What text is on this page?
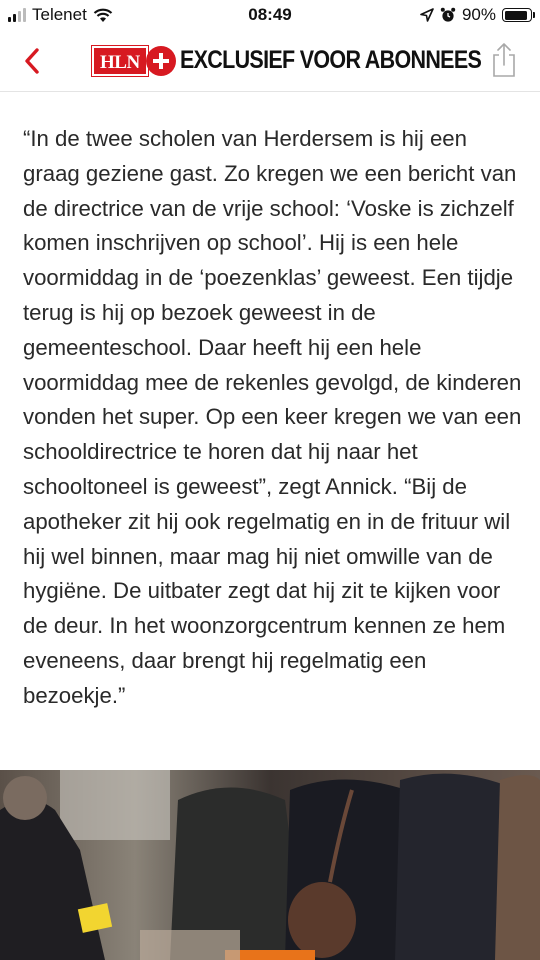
Telenet	08:49	90%
HLN	EXCLUSIEF VOOR ABONNEES

“In de twee scholen van Herdersem is hij een graag geziene gast. Zo kregen we een bericht van de directrice van de vrije school: ‘Voske is zichzelf komen inschrijven op school’. Hij is een hele voormiddag in de ‘poezenklas’ geweest. Een tijdje terug is hij op bezoek geweest in de gemeenteschool. Daar heeft hij een hele voormiddag mee de rekenles gevolgd, de kinderen vonden het super. Op een keer kregen we van een schooldirectrice te horen dat hij naar het schooltoneel is geweest”, zegt Annick. “Bij de apotheker zit hij ook regelmatig en in de frituur wil hij wel binnen, maar mag hij niet omwille van de hygiëne. De uitbater zegt dat hij zit te kijken voor de deur. In het woonzorgcentrum kennen ze hem eveneens, daar brengt hij regelmatig een bezoekje.”
